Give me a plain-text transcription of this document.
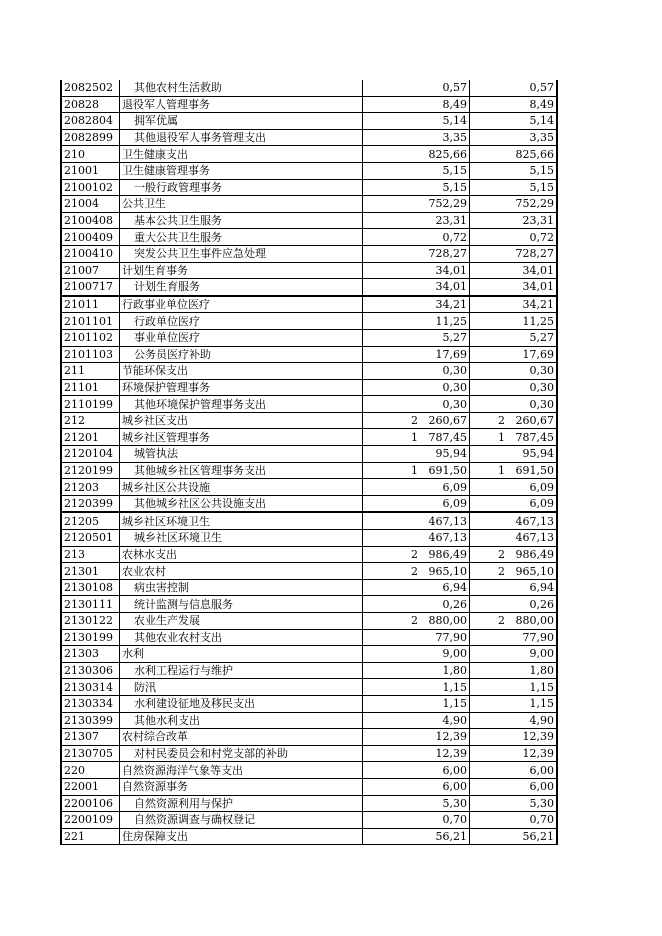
2082502	其他农村生活救助	0,57	0,57
20828	退役军人管理事务	8,49	8,49
2082804	拥军优属	5,14	5,14
2082899	其他退役军人事务管理支出	3,35	3,35
210	卫生健康支出	825,66	825,66
21001	卫生健康管理事务	5,15	5,15
2100102	一般行政管理事务	5,15	5,15
21004	公共卫生	752,29	752,29
2100408	基本公共卫生服务	23,31	23,31
2100409	重大公共卫生服务	0,72	0,72
2100410	突发公共卫生事件应急处理	728,27	728,27
21007	计划生育事务	34,01	34,01
2100717	计划生育服务	34,01	34,01
21011	行政事业单位医疗	34,21	34,21
2101101	行政单位医疗	11,25	11,25
2101102	事业单位医疗	5,27	5,27
2101103	公务员医疗补助	17,69	17,69
211	节能环保支出	0,30	0,30
21101	环境保护管理事务	0,30	0,30
2110199	其他环境保护管理事务支出	0,30	0,30
212	城乡社区支出	2   260,67	2   260,67
21201	城乡社区管理事务	1   787,45	1   787,45
2120104	城管执法	95,94	95,94
2120199	其他城乡社区管理事务支出	1   691,50	1   691,50
21203	城乡社区公共设施	6,09	6,09
2120399	其他城乡社区公共设施支出	6,09	6,09
21205	城乡社区环境卫生	467,13	467,13
2120501	城乡社区环境卫生	467,13	467,13
213	农林水支出	2   986,49	2   986,49
21301	农业农村	2   965,10	2   965,10
2130108	病虫害控制	6,94	6,94
2130111	统计监测与信息服务	0,26	0,26
2130122	农业生产发展	2   880,00	2   880,00
2130199	其他农业农村支出	77,90	77,90
21303	水利	9,00	9,00
2130306	水利工程运行与维护	1,80	1,80
2130314	防汛	1,15	1,15
2130334	水利建设征地及移民支出	1,15	1,15
2130399	其他水利支出	4,90	4,90
21307	农村综合改革	12,39	12,39
2130705	对村民委员会和村党支部的补助	12,39	12,39
220	自然资源海洋气象等支出	6,00	6,00
22001	自然资源事务	6,00	6,00
2200106	自然资源利用与保护	5,30	5,30
2200109	自然资源调查与确权登记	0,70	0,70
221	住房保障支出	56,21	56,21
